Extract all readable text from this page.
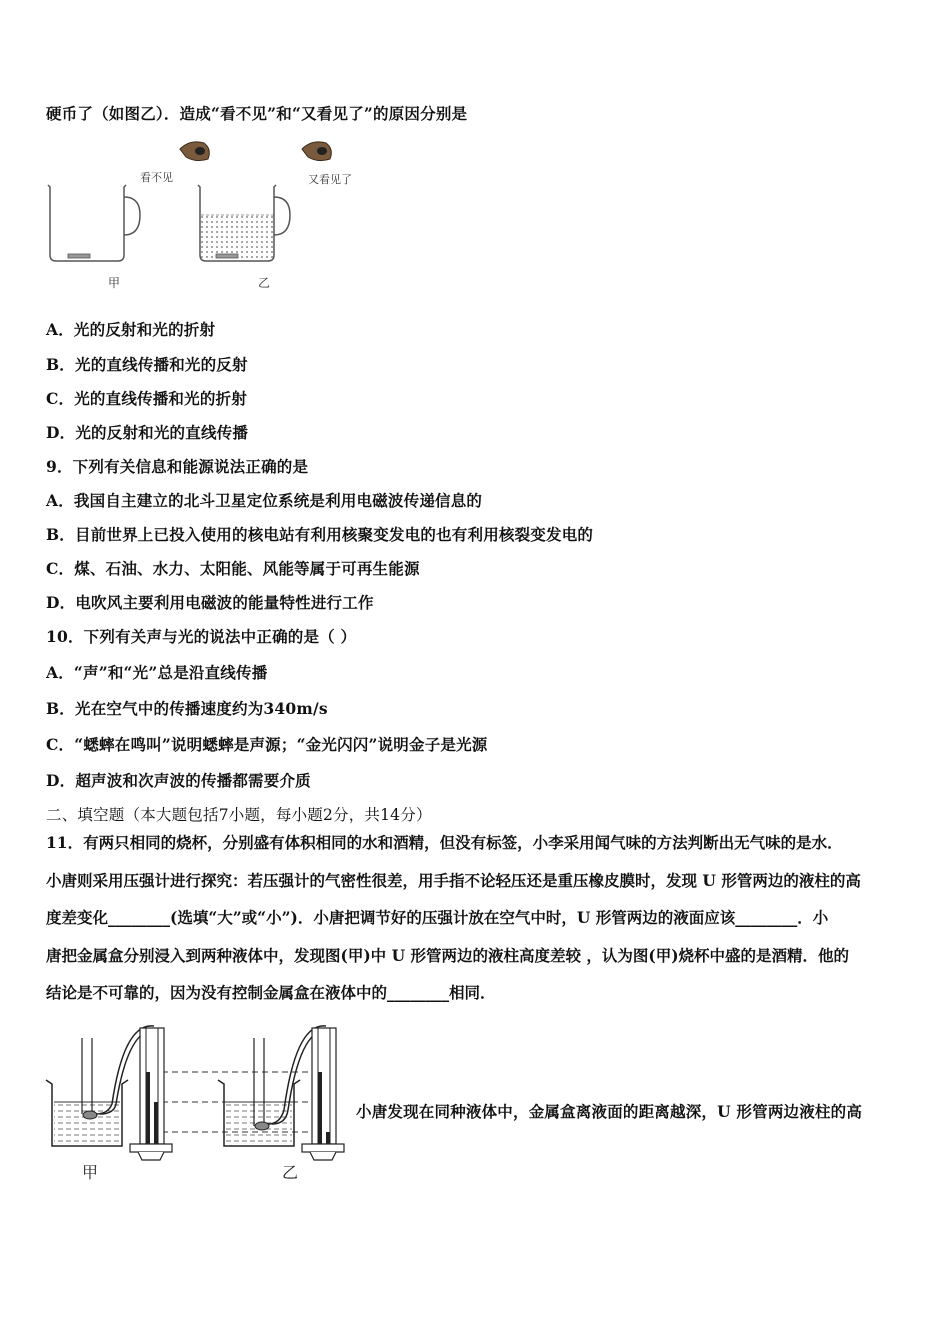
硬币了（如图乙）．造成“看不见”和“又看见了”的原因分别是
看不见
甲
又看见了
乙
A．光的反射和光的折射
B．光的直线传播和光的反射
C．光的直线传播和光的折射
D．光的反射和光的直线传播
9．下列有关信息和能源说法正确的是
A．我国自主建立的北斗卫星定位系统是利用电磁波传递信息的
B．目前世界上已投入使用的核电站有利用核聚变发电的也有利用核裂变发电的
C．煤、石油、水力、太阳能、风能等属于可再生能源
D．电吹风主要利用电磁波的能量特性进行工作
10．下列有关声与光的说法中正确的是（ ）
A．“声”和“光”总是沿直线传播
B．光在空气中的传播速度约为340m/s
C．“蟋蟀在鸣叫”说明蟋蟀是声源；“金光闪闪”说明金子是光源
D．超声波和次声波的传播都需要介质
二、填空题（本大题包括7小题，每小题2分，共14分）

11．有两只相同的烧杯，分别盛有体积相同的水和酒精，但没有标签，小李采用闻气味的方法判断出无气味的是水．

小唐则采用压强计进行探究：若压强计的气密性很差，用手指不论轻压还是重压橡皮膜时，发现 U 形管两边的液柱的高

度差变化________(选填“大”或“小”)．小唐把调节好的压强计放在空气中时，U 形管两边的液面应该________．小

唐把金属盒分别浸入到两种液体中，发现图(甲)中 U 形管两边的液柱高度差较 ，认为图(甲)烧杯中盛的是酒精．他的

结论是不可靠的，因为没有控制金属盒在液体中的________相同．

甲	乙
小唐发现在同种液体中，金属盒离液面的距离越深，U 形管两边液柱的高
